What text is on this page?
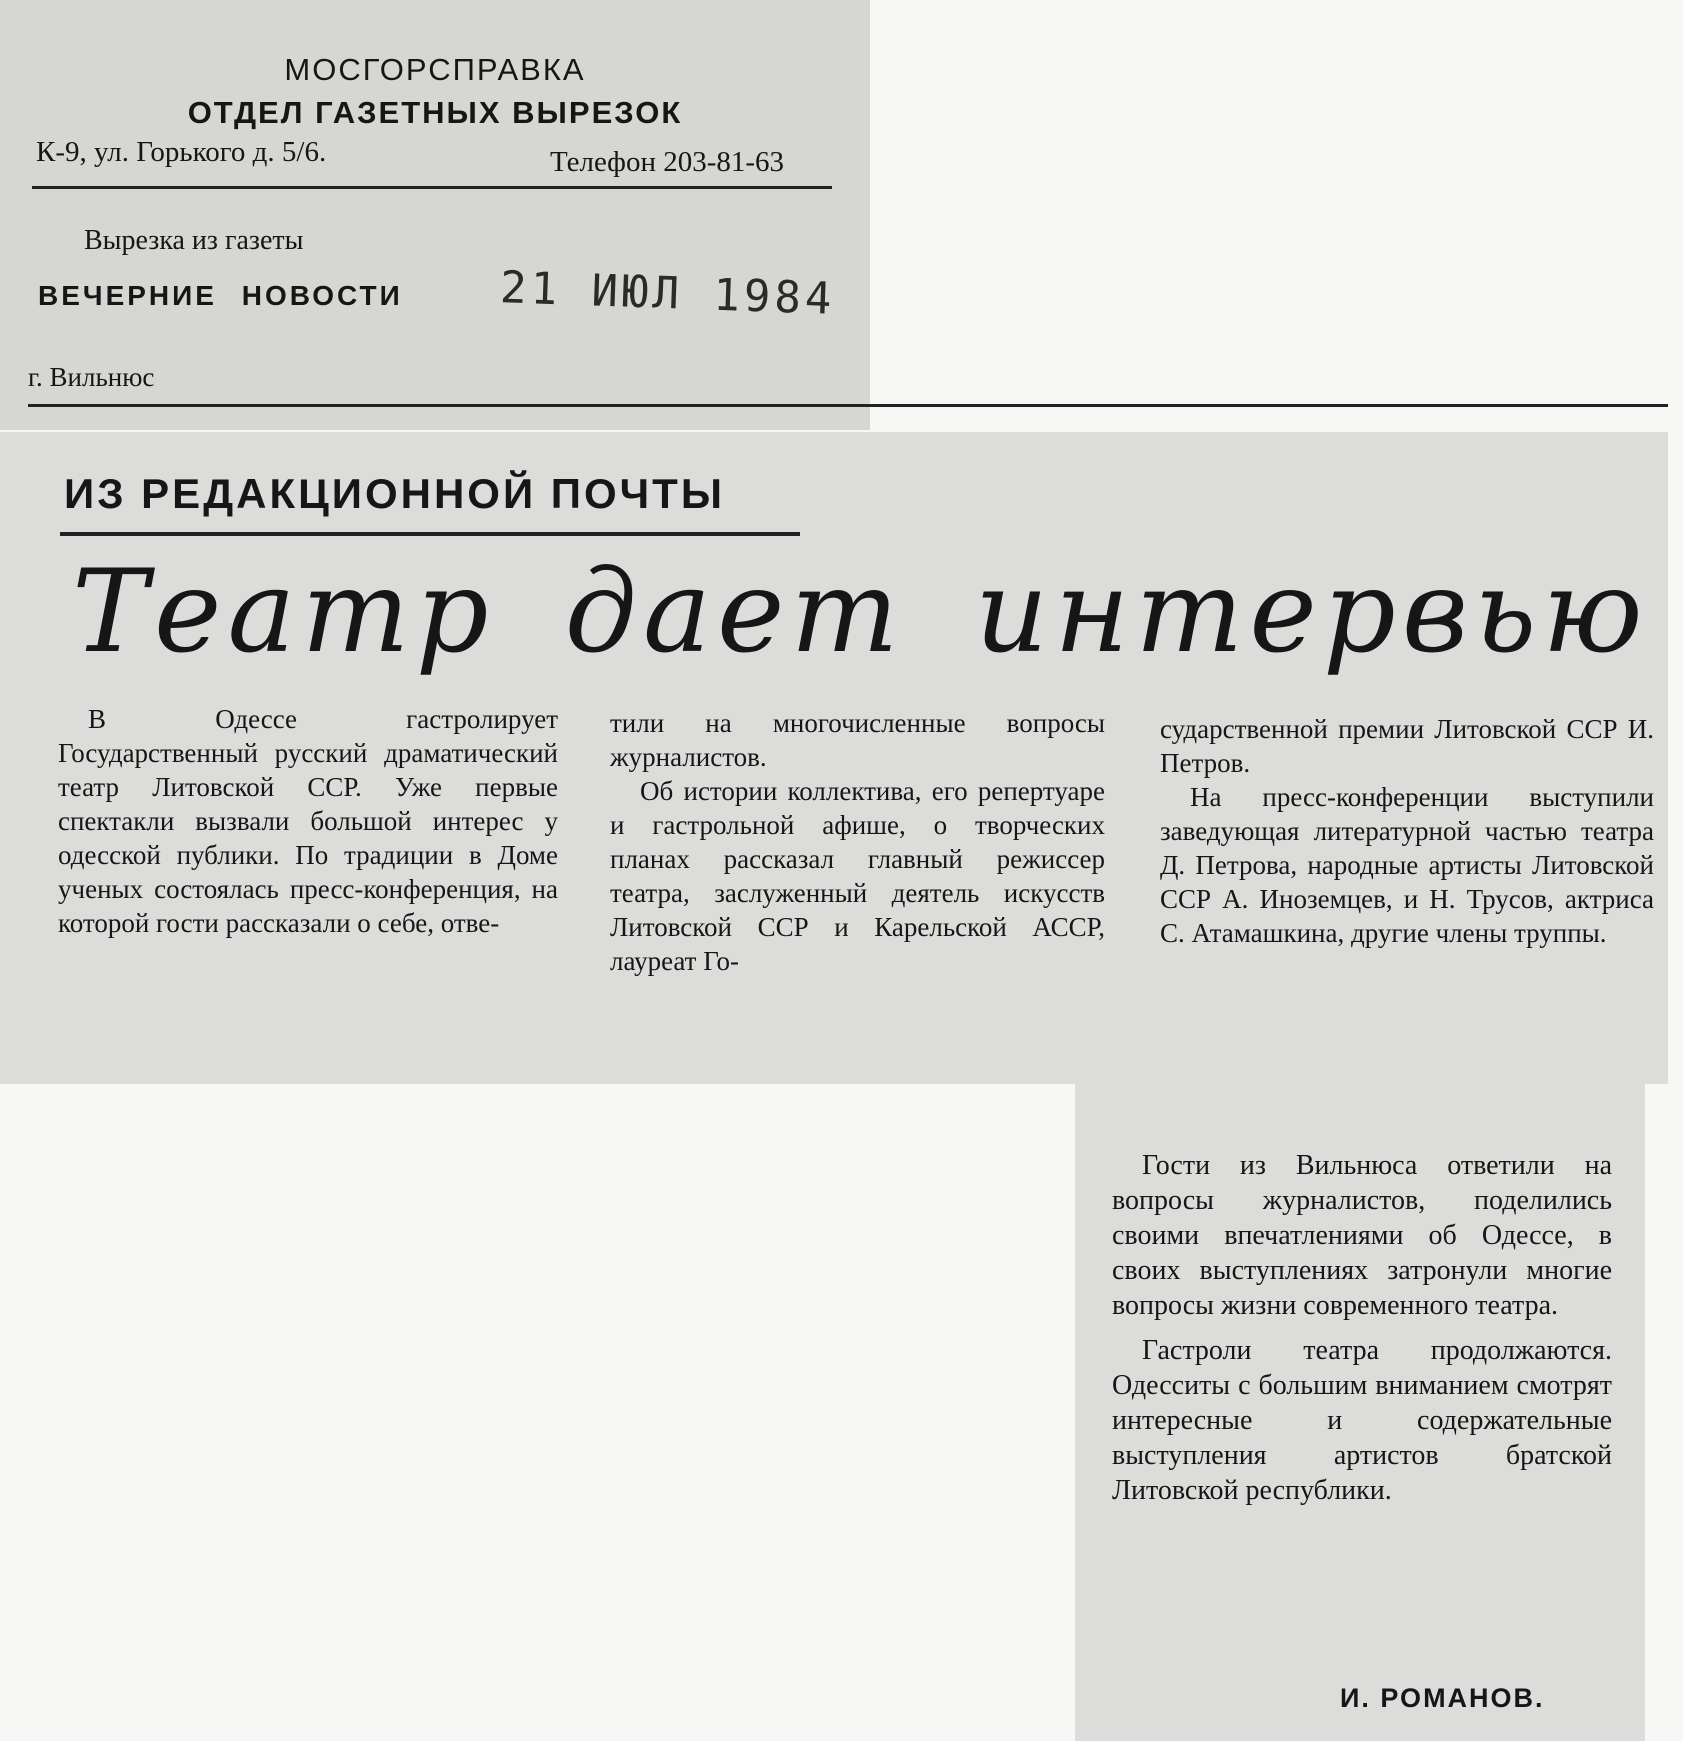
МОСГОРСПРАВКА
ОТДЕЛ ГАЗЕТНЫХ ВЫРЕЗОК
К-9, ул. Горького д. 5/6.	Телефон 203-81-63
Вырезка из газеты
ВЕЧЕРНИЕ НОВОСТИ 21 ИЮЛ 1984
г. Вильнюс
ИЗ РЕДАКЦИОННОЙ ПОЧТЫ
Театр дает интервью

В Одессе гастролирует Государственный русский драматический театр Литовской ССР. Уже первые спектакли вызвали большой интерес у одесской публики. По традиции в Доме ученых состоялась пресс-конференция, на которой гости рассказали о себе, отве-

тили на многочисленные вопросы журналистов.

Об истории коллектива, его репертуаре и гастрольной афише, о творческих планах рассказал главный режиссер театра, заслуженный деятель искусств Литовской ССР и Карельской АССР, лауреат Го-

сударственной премии Литовской ССР И. Петров.

На пресс-конференции выступили заведующая литературной частью театра Д. Петрова, народные артисты Литовской ССР А. Иноземцев, и Н. Трусов, актриса С. Атамашкина, другие члены труппы.

Гости из Вильнюса ответили на вопросы журналистов, поделились своими впечатлениями об Одессе, в своих выступлениях затронули многие вопросы жизни современного театра.

Гастроли театра продолжаются. Одесситы с большим вниманием смотрят интересные и содержательные выступления артистов братской Литовской республики.

И. РОМАНОВ.
